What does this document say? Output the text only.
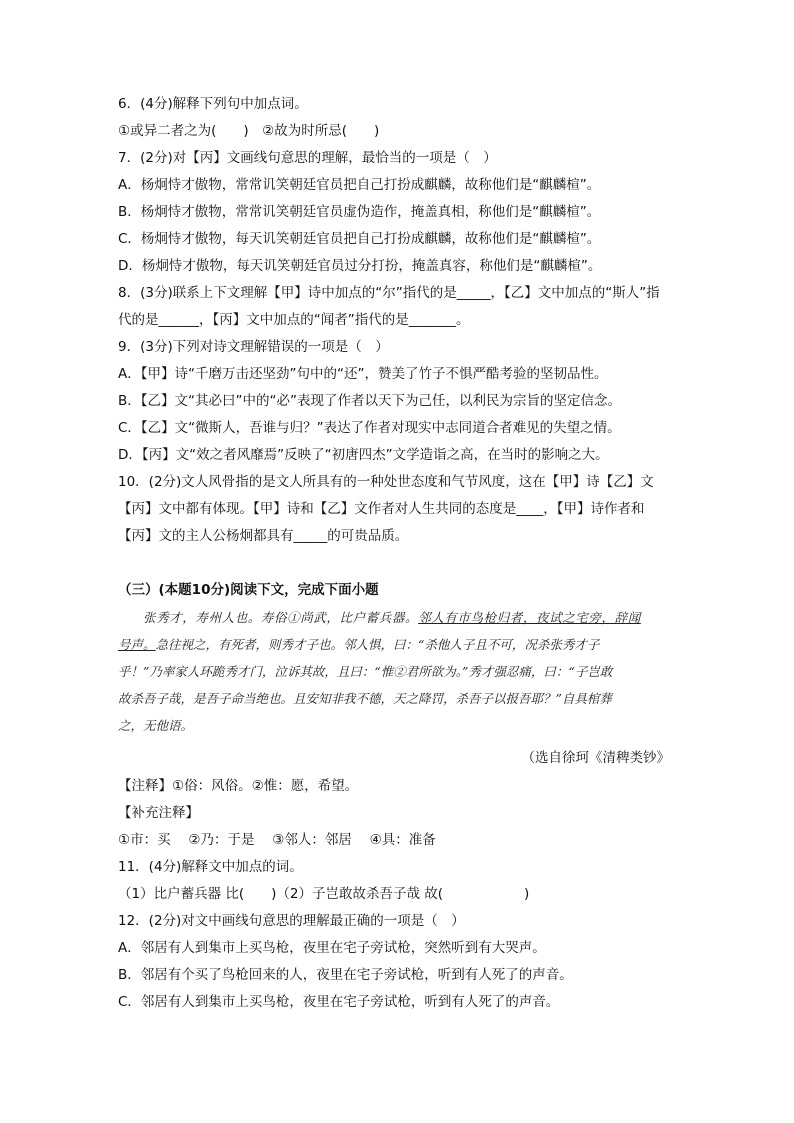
6．(4分)解释下列句中加点词。
①或异二者之为(　　)　②故为时所忌(　　)
7．(2分)对【丙】文画线句意思的理解，最恰当的一项是（　）
A．杨炯恃才傲物，常常讥笑朝廷官员把自己打扮成麒麟，故称他们是“麒麟楦”。
B．杨炯恃才傲物，常常讥笑朝廷官员虚伪造作，掩盖真相，称他们是“麒麟楦”。
C．杨炯恃才傲物，每天讥笑朝廷官员把自己打扮成麒麟，故称他们是“麒麟楦”。
D．杨炯恃才傲物，每天讥笑朝廷官员过分打扮，掩盖真容，称他们是“麒麟楦”。
8．(3分)联系上下文理解【甲】诗中加点的“尔”指代的是_____，【乙】文中加点的“斯人”指
代的是______，【丙】文中加点的“闻者”指代的是_______。
9．(3分)下列对诗文理解错误的一项是（　）
A．【甲】诗“千磨万击还坚劲”句中的“还”，赞美了竹子不惧严酷考验的坚韧品性。
B．【乙】文“其必曰”中的“必”表现了作者以天下为己任，以利民为宗旨的坚定信念。
C．【乙】文“微斯人，吾谁与归？”表达了作者对现实中志同道合者难见的失望之情。
D．【丙】文“效之者风靡焉”反映了“初唐四杰”文学造诣之高，在当时的影响之大。
10．(2分)文人风骨指的是文人所具有的一种处世态度和气节风度，这在【甲】诗【乙】文
【丙】文中都有体现。【甲】诗和【乙】文作者对人生共同的态度是____，【甲】诗作者和
【丙】文的主人公杨炯都具有_____的可贵品质。
（三）(本题10分)阅读下文，完成下面小题
张秀才，寿州人也。寿俗①尚武，比户蓄兵器。邻人有市鸟枪归者，夜试之宅旁，辞闻
号声。急往视之，有死者，则秀才子也。邻人惧，曰：“杀他人子且不可，况杀张秀才子
乎！”乃率家人环跪秀才门，泣诉其故，且曰：“惟②君所欲为。”秀才强忍痛，曰：“子岂敢
故杀吾子哉，是吾子命当绝也。且安知非我不德，天之降罚，杀吾子以报吾耶？”自具棺葬
之，无他语。
（选自徐珂《清稗类钞》
【注释】①俗：风俗。②惟：愿，希望。
【补充注释】
①市：买　 ②乃：于是　 ③邻人：邻居　 ④具：准备
11．(4分)解释文中加点的词。
（1）比户蓄兵器 比(　　)（2）子岂敢故杀吾子哉 故(　　　　　　)
12．(2分)对文中画线句意思的理解最正确的一项是（　）
A．邻居有人到集市上买鸟枪，夜里在宅子旁试枪，突然听到有大哭声。
B．邻居有个买了鸟枪回来的人，夜里在宅子旁试枪，听到有人死了的声音。
C．邻居有人到集市上买鸟枪，夜里在宅子旁试枪，听到有人死了的声音。
